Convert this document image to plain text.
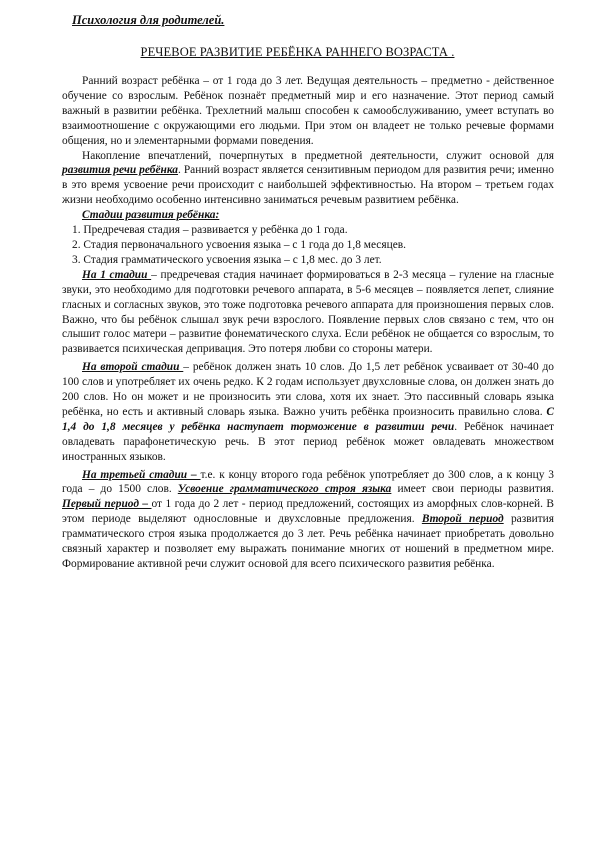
Психология для родителей.
РЕЧЕВОЕ РАЗВИТИЕ РЕБЁНКА РАННЕГО ВОЗРАСТА .

Ранний возраст ребёнка – от 1 года до 3 лет. Ведущая деятельность – предметно - действенное обучение со взрослым. Ребёнок познаёт предметный мир и его назначение. Этот период самый важный в развитии ребёнка. Трехлетний малыш способен к самообслуживанию, умеет вступать во взаимоотношение с окружающими его людьми. При этом он владеет не только речевые формами общения, но и элементарными формами поведения.

Накопление впечатлений, почерпнутых в предметной деятельности, служит основой для развития речи ребёнка. Ранний возраст является сензитивным периодом для развития речи; именно в это время усвоение речи происходит с наибольшей эффективностью. На втором – третьем годах жизни необходимо особенно интенсивно заниматься речевым развитием ребёнка.

Стадии развития ребёнка:
1. Предречевая стадия – развивается у ребёнка до 1 года.
2. Стадия первоначального усвоения языка – с 1 года до 1,8 месяцев.
3. Стадия грамматического усвоения языка – с 1,8 мес. до 3 лет.

На 1 стадии – предречевая стадия начинает формироваться в 2-3 месяца – гуление на гласные звуки, это необходимо для подготовки речевого аппарата, в 5-6 месяцев – появляется лепет, слияние гласных и согласных звуков, это тоже подготовка речевого аппарата для произношения первых слов. Важно, что бы ребёнок слышал звук речи взрослого. Появление первых слов связано с тем, что он слышит голос матери – развитие фонематического слуха. Если ребёнок не общается со взрослым, то развивается психическая депривация. Это потеря любви со стороны матери.

На второй стадии – ребёнок должен знать 10 слов. До 1,5 лет ребёнок усваивает от 30-40 до 100 слов и употребляет их очень редко. К 2 годам использует двухсловные слова, он должен знать до 200 слов. Но он может и не произносить эти слова, хотя их знает. Это пассивный словарь языка ребёнка, но есть и активный словарь языка. Важно учить ребёнка произносить правильно слова. С 1,4 до 1,8 месяцев у ребёнка наступает торможение в развитии речи. Ребёнок начинает овладевать парафонетическую речь. В этот период ребёнок может овладевать множеством иностранных языков.

На третьей стадии – т.е. к концу второго года ребёнок употребляет до 300 слов, а к концу 3 года – до 1500 слов. Усвоение грамматического строя языка имеет свои периоды развития. Первый период – от 1 года до 2 лет - период предложений, состоящих из аморфных слов-корней. В этом периоде выделяют однословные и двухсловные предложения. Второй период развития грамматического строя языка продолжается до 3 лет. Речь ребёнка начинает приобретать довольно связный характер и позволяет ему выражать понимание многих от ношений в предметном мире. Формирование активной речи служит основой для всего психического развития ребёнка.
